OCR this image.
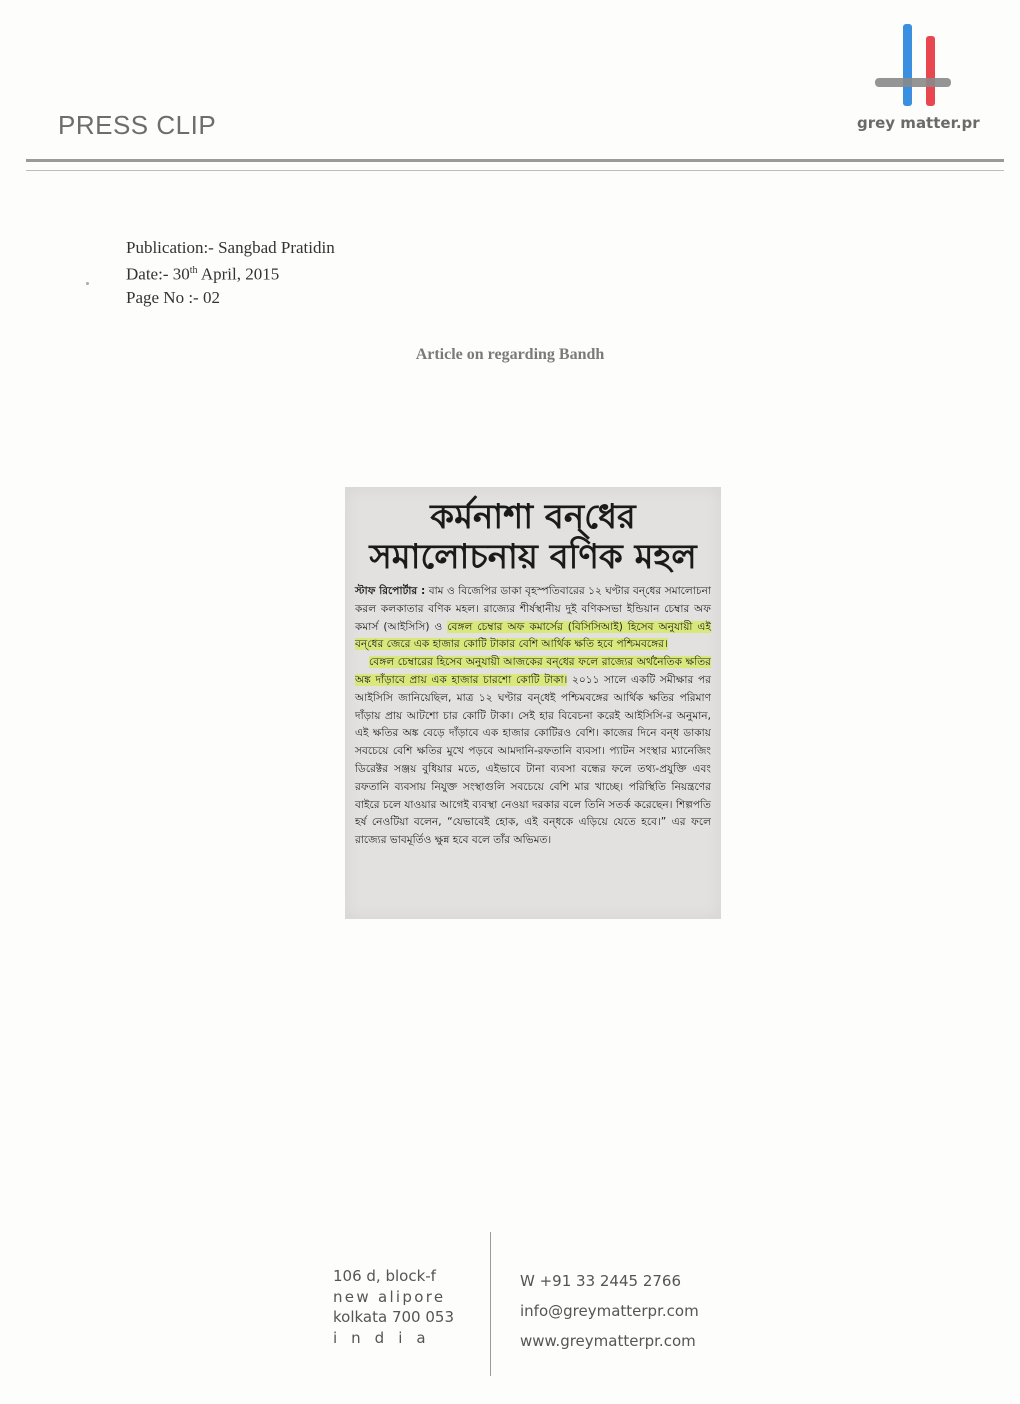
PRESS CLIP	grey matter.pr
Publication:- Sangbad Pratidin
Date:- 30th April, 2015
Page No :- 02
Article on regarding Bandh
কর্মনাশা বন্‌ধের
সমালোচনায় বণিক মহল

স্টাফ রিপোর্টার : বাম ও বিজেপির ডাকা বৃহস্পতিবারের ১২ ঘণ্টার বন্‌ধের সমালোচনা করল কলকাতার বণিক মহল। রাজ্যের শীর্ষস্থানীয় দুই বণিকসভা ইন্ডিয়ান চেম্বার অফ কমার্স (আইসিসি) ও বেঙ্গল চেম্বার অফ কমার্সের (বিসিসিআই) হিসেব অনুযায়ী এই বন্‌ধের জেরে এক হাজার কোটি টাকার বেশি আর্থিক ক্ষতি হবে পশ্চিমবঙ্গের।

বেঙ্গল চেম্বারের হিসেব অনুযায়ী আজকের বন্‌ধের ফলে রাজ্যের অর্থনৈতিক ক্ষতির অঙ্ক দাঁড়াবে প্রায় এক হাজার চারশো কোটি টাকা। ২০১১ সালে একটি সমীক্ষার পর আইসিসি জানিয়েছিল, মাত্র ১২ ঘণ্টার বন্‌ধেই পশ্চিমবঙ্গের আর্থিক ক্ষতির পরিমাণ দাঁড়ায় প্রায় আটশো চার কোটি টাকা। সেই হার বিবেচনা করেই আইসিসি-র অনুমান, এই ক্ষতির অঙ্ক বেড়ে দাঁড়াবে এক হাজার কোটিরও বেশি। কাজের দিনে বন্‌ধ ডাকায় সবচেয়ে বেশি ক্ষতির মুখে পড়বে আমদানি-রফতানি ব্যবসা। প্যাটন সংস্থার ম্যানেজিং ডিরেক্টর সঞ্জয় বুধিয়ার মতে, এইভাবে টানা ব্যবসা বন্ধের ফলে তথ্য-প্রযুক্তি এবং রফতানি ব্যবসায় নিযুক্ত সংস্থাগুলি সবচেয়ে বেশি মার খাচ্ছে। পরিস্থিতি নিয়ন্ত্রণের বাইরে চলে যাওয়ার আগেই ব্যবস্থা নেওয়া দরকার বলে তিনি সতর্ক করেছেন। শিল্পপতি হর্ষ নেওটিয়া বলেন, “যেভাবেই হোক, এই বন্‌ধকে এড়িয়ে যেতে হবে।” এর ফলে রাজ্যের ভাবমূর্তিও ক্ষুন্ন হবে বলে তাঁর অভিমত।

106 d, block-f
new alipore
kolkata 700 053
india
W +91 33 2445 2766
info@greymatterpr.com
www.greymatterpr.com
